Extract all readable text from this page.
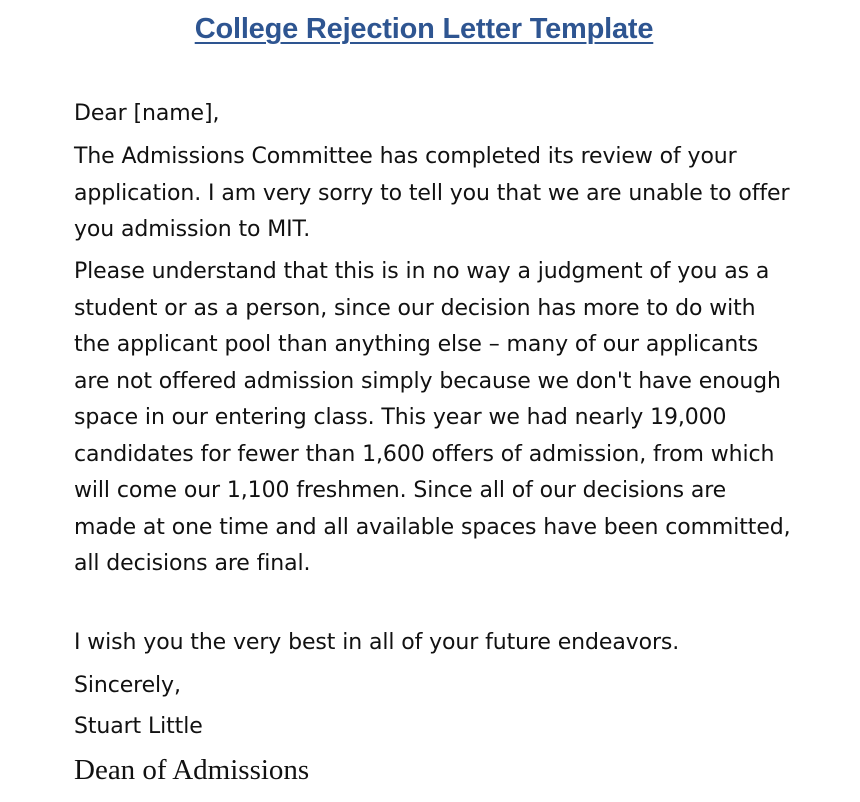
College Rejection Letter Template

Dear [name],

The Admissions Committee has completed its review of your application. I am very sorry to tell you that we are unable to offer you admission to MIT.

Please understand that this is in no way a judgment of you as a student or as a person, since our decision has more to do with the applicant pool than anything else – many of our applicants are not offered admission simply because we don't have enough space in our entering class. This year we had nearly 19,000 candidates for fewer than 1,600 offers of admission, from which will come our 1,100 freshmen. Since all of our decisions are made at one time and all available spaces have been committed, all decisions are final.

I wish you the very best in all of your future endeavors.

Sincerely,

Stuart Little

Dean of Admissions
